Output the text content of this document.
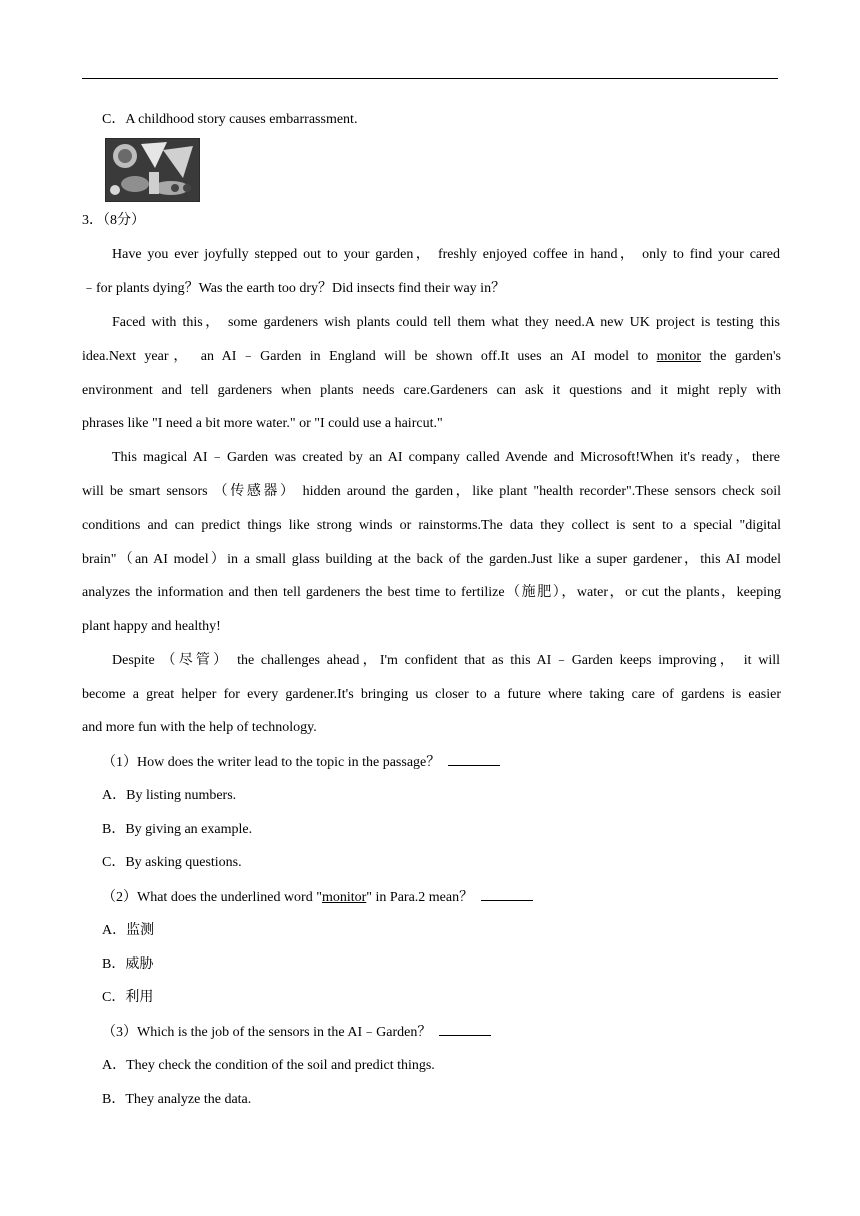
C．A childhood story causes embarrassment.
3．（8分）
Have you ever joyfully stepped out to your garden， freshly enjoyed coffee in hand， only to find your cared
﹣for plants dying？Was the earth too dry？Did insects find their way in？
Faced with this， some gardeners wish plants could tell them what they need.A new UK project is testing this
idea.Next year， an AI﹣Garden in England will be shown off.It uses an AI model to monitor the garden's
environment and tell gardeners when plants needs care.Gardeners can ask it questions and it might reply with
phrases like "I need a bit more water." or "I could use a haircut."
This magical AI﹣Garden was created by an AI company called Avende and Microsoft!When it's ready，there
will be smart sensors （传感器） hidden around the garden，like plant "health recorder".These sensors check soil
conditions and can predict things like strong winds or rainstorms.The data they collect is sent to a special "digital
brain"（an AI model）in a small glass building at the back of the garden.Just like a super gardener，this AI model
analyzes the information and then tell gardeners the best time to fertilize（施肥），water，or cut the plants，keeping
plant happy and healthy!
Despite （尽管） the challenges ahead，I'm confident that as this AI﹣Garden keeps improving， it will
become a great helper for every gardener.It's bringing us closer to a future where taking care of gardens is easier
and more fun with the help of technology.
（1）How does the writer lead to the topic in the passage？
A．By listing numbers.
B．By giving an example.
C．By asking questions.
（2）What does the underlined word "monitor" in Para.2 mean？
A．监测
B．威胁
C．利用
（3）Which is the job of the sensors in the AI﹣Garden？
A．They check the condition of the soil and predict things.
B．They analyze the data.
